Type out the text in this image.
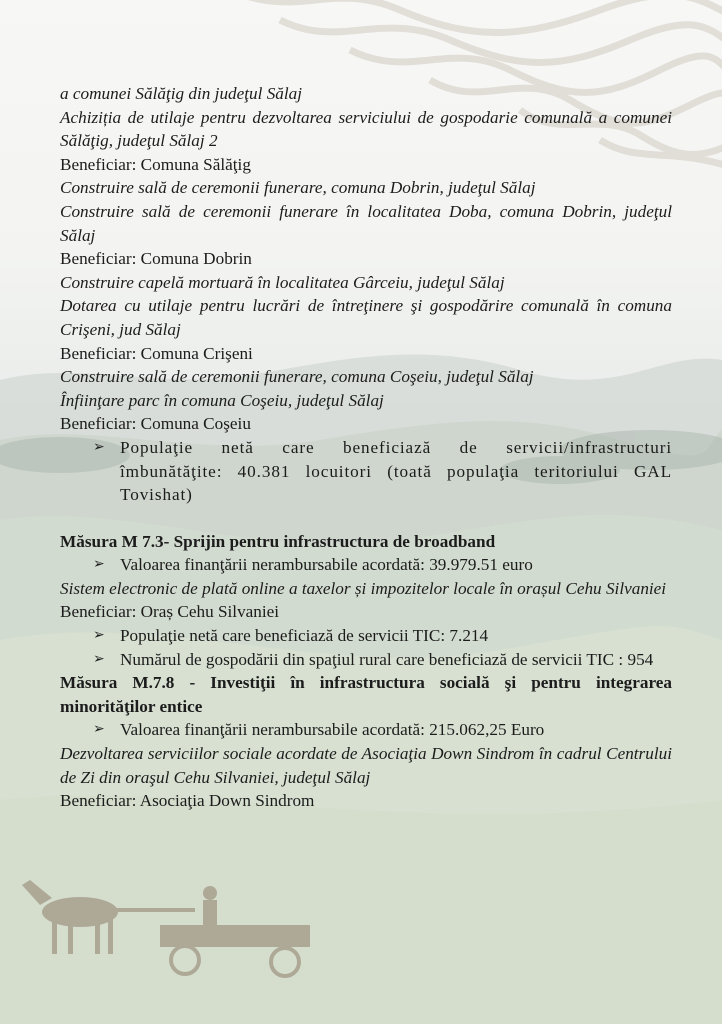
a comunei Sălăţig din judeţul Sălaj

Achiziția de utilaje pentru dezvoltarea serviciului de gospodarie comunală a comunei Sălăţig, judeţul Sălaj 2

Beneficiar: Comuna Sălăţig

Construire sală de ceremonii funerare, comuna Dobrin, judeţul Sălaj

Construire sală de ceremonii funerare în localitatea Doba, comuna Dobrin, judeţul Sălaj

Beneficiar: Comuna Dobrin

Construire capelă mortuară în localitatea Gârceiu, judeţul Sălaj

Dotarea cu utilaje pentru lucrări de întreţinere şi gospodărire comunală în comuna Crişeni, jud Sălaj

Beneficiar: Comuna Crişeni

Construire sală de ceremonii funerare, comuna Coşeiu, judeţul Sălaj

Înfiinţare parc în comuna Coşeiu, judeţul Sălaj

Beneficiar: Comuna Coşeiu

➢ Populaţie netă care beneficiază de servicii/infrastructuri îmbunătăţite: 40.381 locuitori (toată populaţia teritoriului GAL Tovishat)

Măsura M 7.3- Sprijin pentru infrastructura de broadband

➢ Valoarea finanţării nerambursabile acordată: 39.979.51 euro

Sistem electronic de plată online a taxelor și impozitelor locale în orașul Cehu Silvaniei

Beneficiar: Oraș Cehu Silvaniei

➢ Populaţie netă care beneficiază de servicii TIC: 7.214

➢ Numărul de gospodării din spaţiul rural care beneficiază de servicii TIC : 954

Măsura M.7.8 - Investiţii în infrastructura socială şi pentru integrarea minorităţilor entice

➢ Valoarea finanţării nerambursabile acordată: 215.062,25 Euro

Dezvoltarea serviciilor sociale acordate de Asociaţia Down Sindrom în cadrul Centrului de Zi din oraşul Cehu Silvaniei, judeţul Sălaj

Beneficiar: Asociaţia Down Sindrom
